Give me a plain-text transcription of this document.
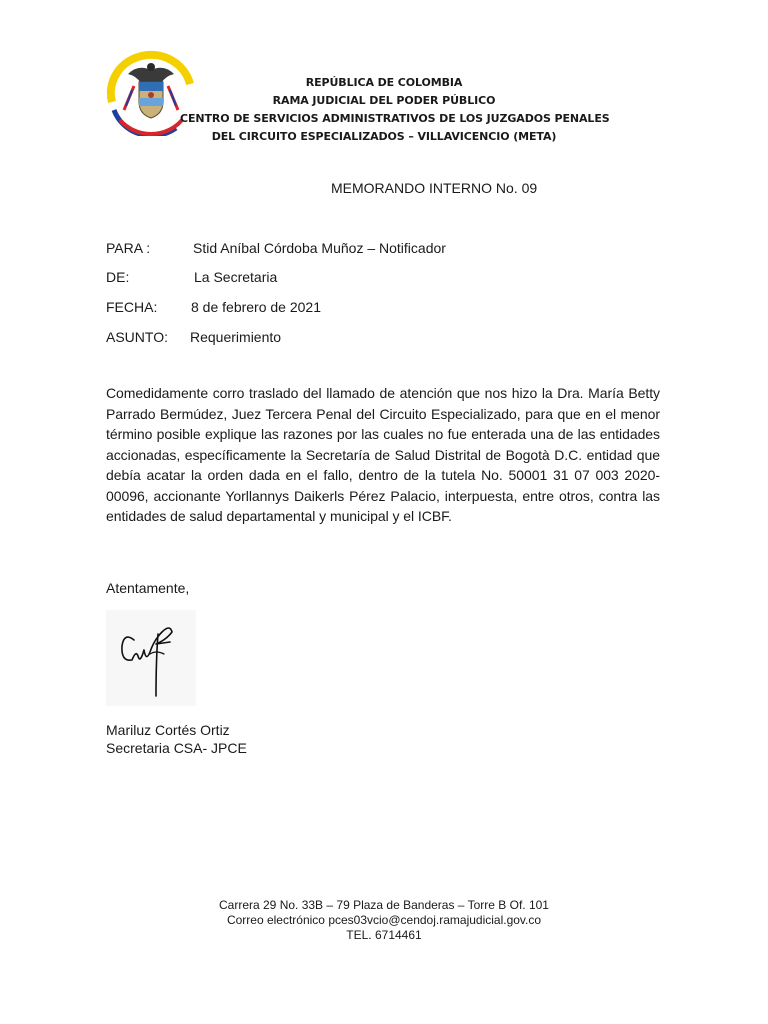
REPÚBLICA DE COLOMBIA
RAMA JUDICIAL DEL PODER PÚBLICO
CENTRO DE SERVICIOS ADMINISTRATIVOS DE LOS JUZGADOS PENALES
DEL CIRCUITO ESPECIALIZADOS – VILLAVICENCIO (META)
MEMORANDO INTERNO No. 09
PARA :	Stid Aníbal Córdoba Muñoz – Notificador
DE:	La Secretaria
FECHA: 8 de febrero de 2021
ASUNTO: Requerimiento
Comedidamente corro traslado del llamado de atención que nos hizo la Dra. María Betty Parrado Bermúdez, Juez Tercera Penal del Circuito Especializado, para que en el menor término posible explique las razones por las cuales no fue enterada una de las entidades accionadas, específicamente la Secretaría de Salud Distrital de Bogotà D.C. entidad que debía acatar la orden dada en el fallo, dentro de la tutela No. 50001 31 07 003 2020-00096, accionante Yorllannys Daikerls Pérez Palacio, interpuesta, entre otros, contra las entidades de salud departamental y municipal y el ICBF.
Atentamente,
Mariluz Cortés Ortiz
Secretaria CSA- JPCE
Carrera 29 No. 33B – 79 Plaza de Banderas – Torre B Of. 101
Correo electrónico pces03vcio@cendoj.ramajudicial.gov.co
TEL. 6714461
